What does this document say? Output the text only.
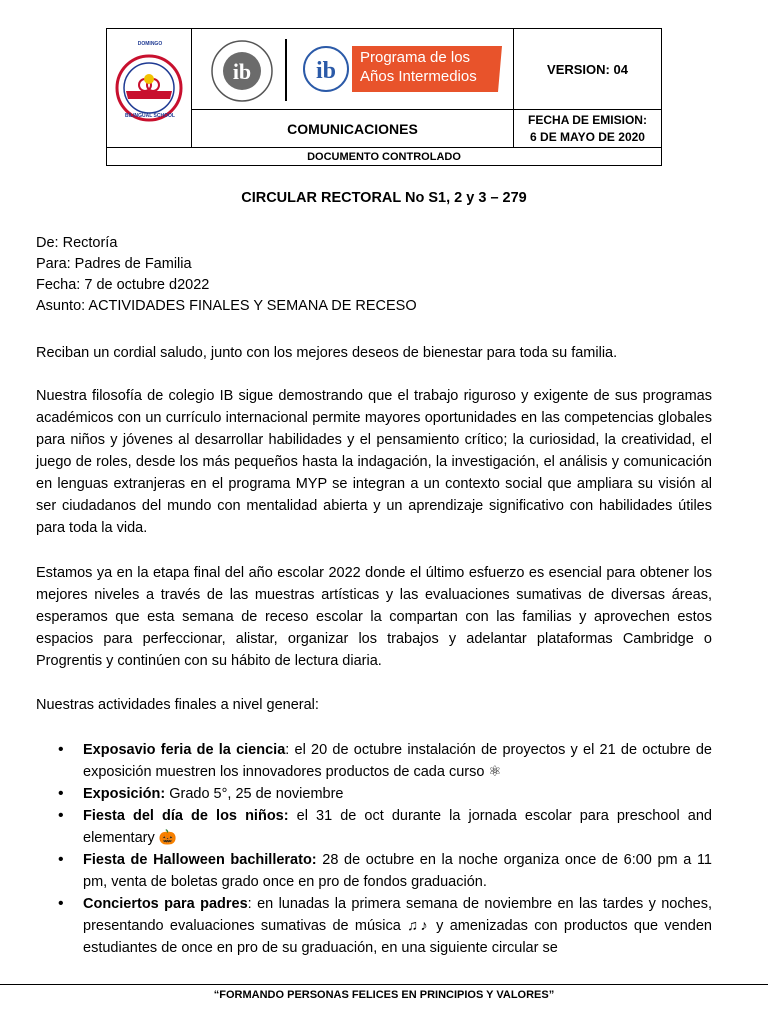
DOMINGO
BILINGUAL SCHOOL
ib	ib
Programa de los
Años Intermedios	VERSION: 04
COMUNICACIONES
FECHA DE EMISION:
6 DE MAYO DE 2020
DOCUMENTO CONTROLADO
CIRCULAR RECTORAL No S1, 2 y 3 – 279
De: Rectoría
Para: Padres de Familia
Fecha: 7 de octubre d2022
Asunto: ACTIVIDADES FINALES Y SEMANA DE RECESO
Reciban un cordial saludo, junto con los mejores deseos de bienestar para toda su familia.
Nuestra filosofía de colegio IB sigue demostrando que el trabajo riguroso y exigente de sus programas académicos con un currículo internacional permite mayores oportunidades en las competencias globales para niños y jóvenes al desarrollar habilidades y el pensamiento crítico; la curiosidad, la creatividad, el juego de roles, desde los más pequeños hasta la indagación, la investigación, el análisis y comunicación en lenguas extranjeras en el programa MYP se integran a un contexto social que ampliara su visión al ser ciudadanos del mundo con mentalidad abierta y un aprendizaje significativo con habilidades útiles para toda la vida.
Estamos ya en la etapa final del año escolar 2022 donde el último esfuerzo es esencial para obtener los mejores niveles a través de las muestras artísticas y las evaluaciones sumativas de diversas áreas, esperamos que esta semana de receso escolar la compartan con las familias y aprovechen estos espacios para perfeccionar, alistar, organizar los trabajos y adelantar plataformas Cambridge o Progrentis y continúen con su hábito de lectura diaria.
Nuestras actividades finales a nivel general:
• Exposavio feria de la ciencia: el 20 de octubre instalación de proyectos y el 21 de octubre de exposición muestren los innovadores productos de cada curso ⚛
• Exposición: Grado 5°, 25 de noviembre
• Fiesta del día de los niños: el 31 de oct durante la jornada escolar para preschool and elementary 🎃
• Fiesta de Halloween bachillerato: 28 de octubre en la noche organiza once de 6:00 pm a 11 pm, venta de boletas grado once en pro de fondos graduación.
• Conciertos para padres: en lunadas la primera semana de noviembre en las tardes y noches, presentando evaluaciones sumativas de música ♫♪ y amenizadas con productos que venden estudiantes de once en pro de su graduación, en una siguiente circular se
“FORMANDO PERSONAS FELICES EN PRINCIPIOS Y VALORES”
